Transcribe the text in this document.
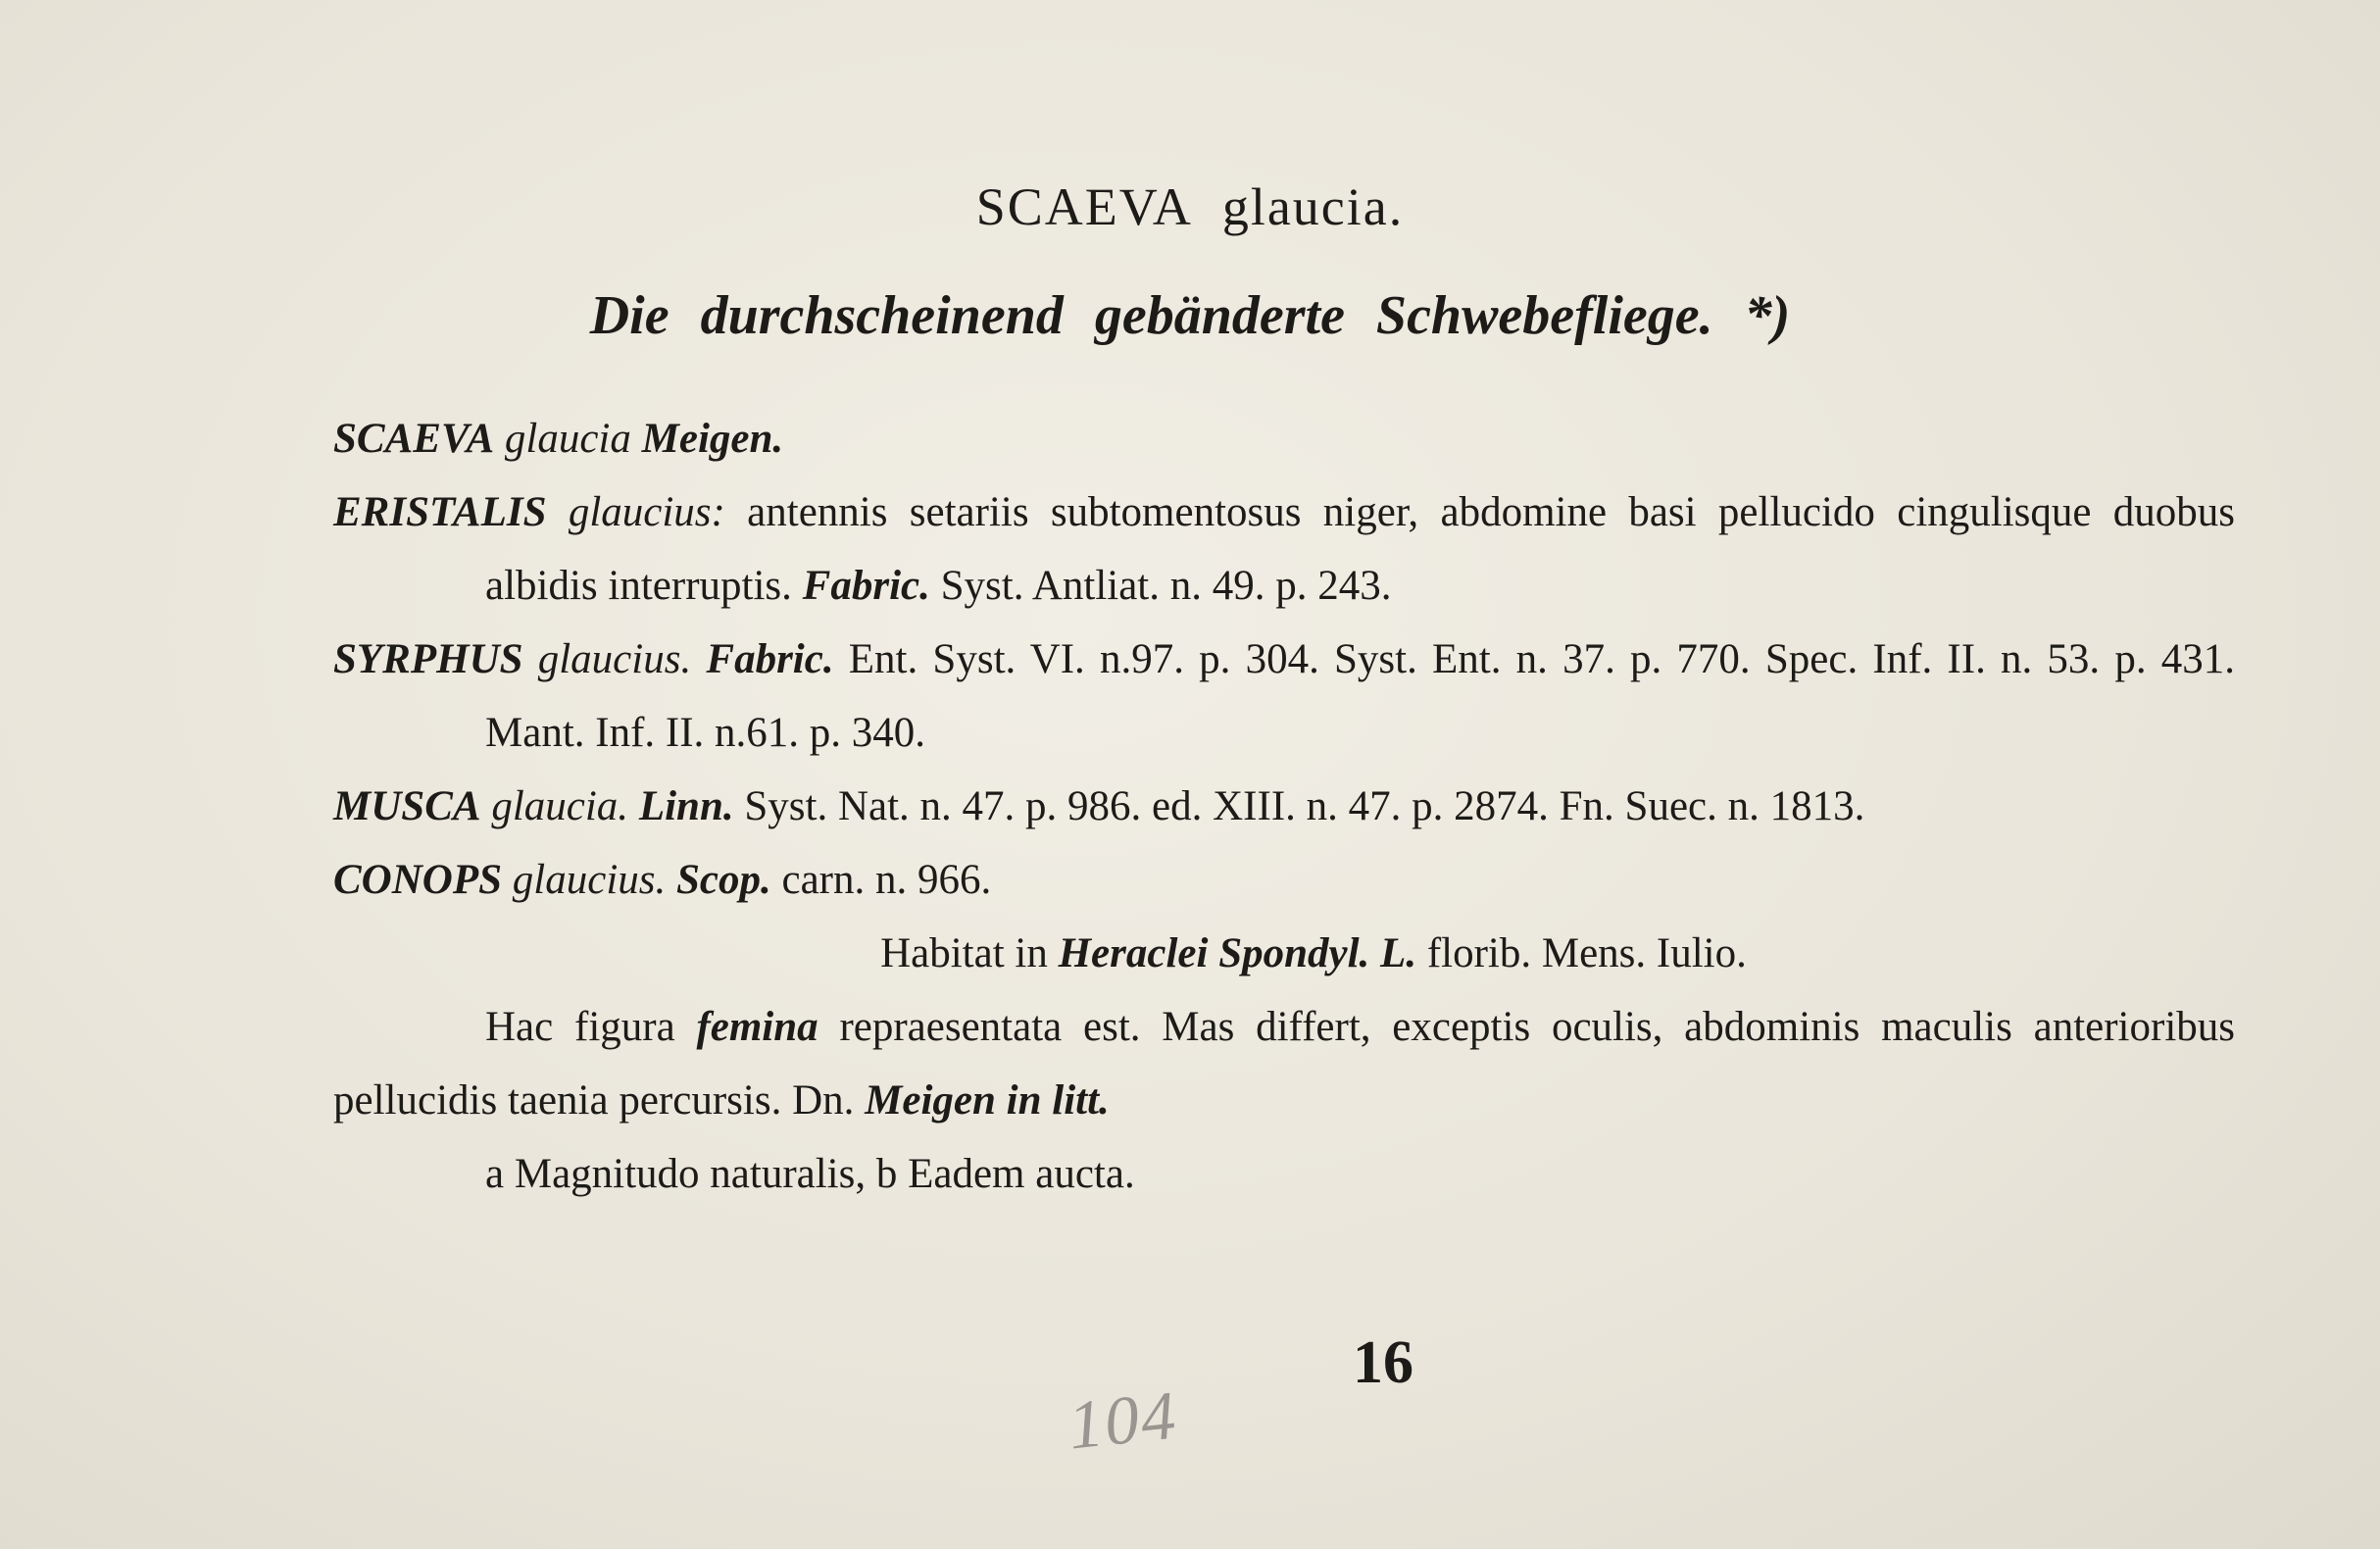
SCAEVA glaucia.
Die durchscheinend gebänderte Schwebefliege. *)

SCAEVA glaucia Meigen.

ERISTALIS glaucius: antennis setariis subtomentosus niger, abdomine basi pellucido cingulisque duobus albidis interruptis. Fabric. Syst. Antliat. n. 49. p. 243.

SYRPHUS glaucius. Fabric. Ent. Syst. VI. n.97. p. 304. Syst. Ent. n. 37. p. 770. Spec. Inf. II. n. 53. p. 431. Mant. Inf. II. n.61. p. 340.

MUSCA glaucia. Linn. Syst. Nat. n. 47. p. 986. ed. XIII. n. 47. p. 2874. Fn. Suec. n. 1813.

CONOPS glaucius. Scop. carn. n. 966.

Habitat in Heraclei Spondyl. L. florib. Mens. Iulio.

Hac figura femina repraesentata est. Mas differt, exceptis oculis, abdominis maculis anterioribus pellucidis taenia percursis. Dn. Meigen in litt.

a Magnitudo naturalis, b Eadem aucta.

16
104
